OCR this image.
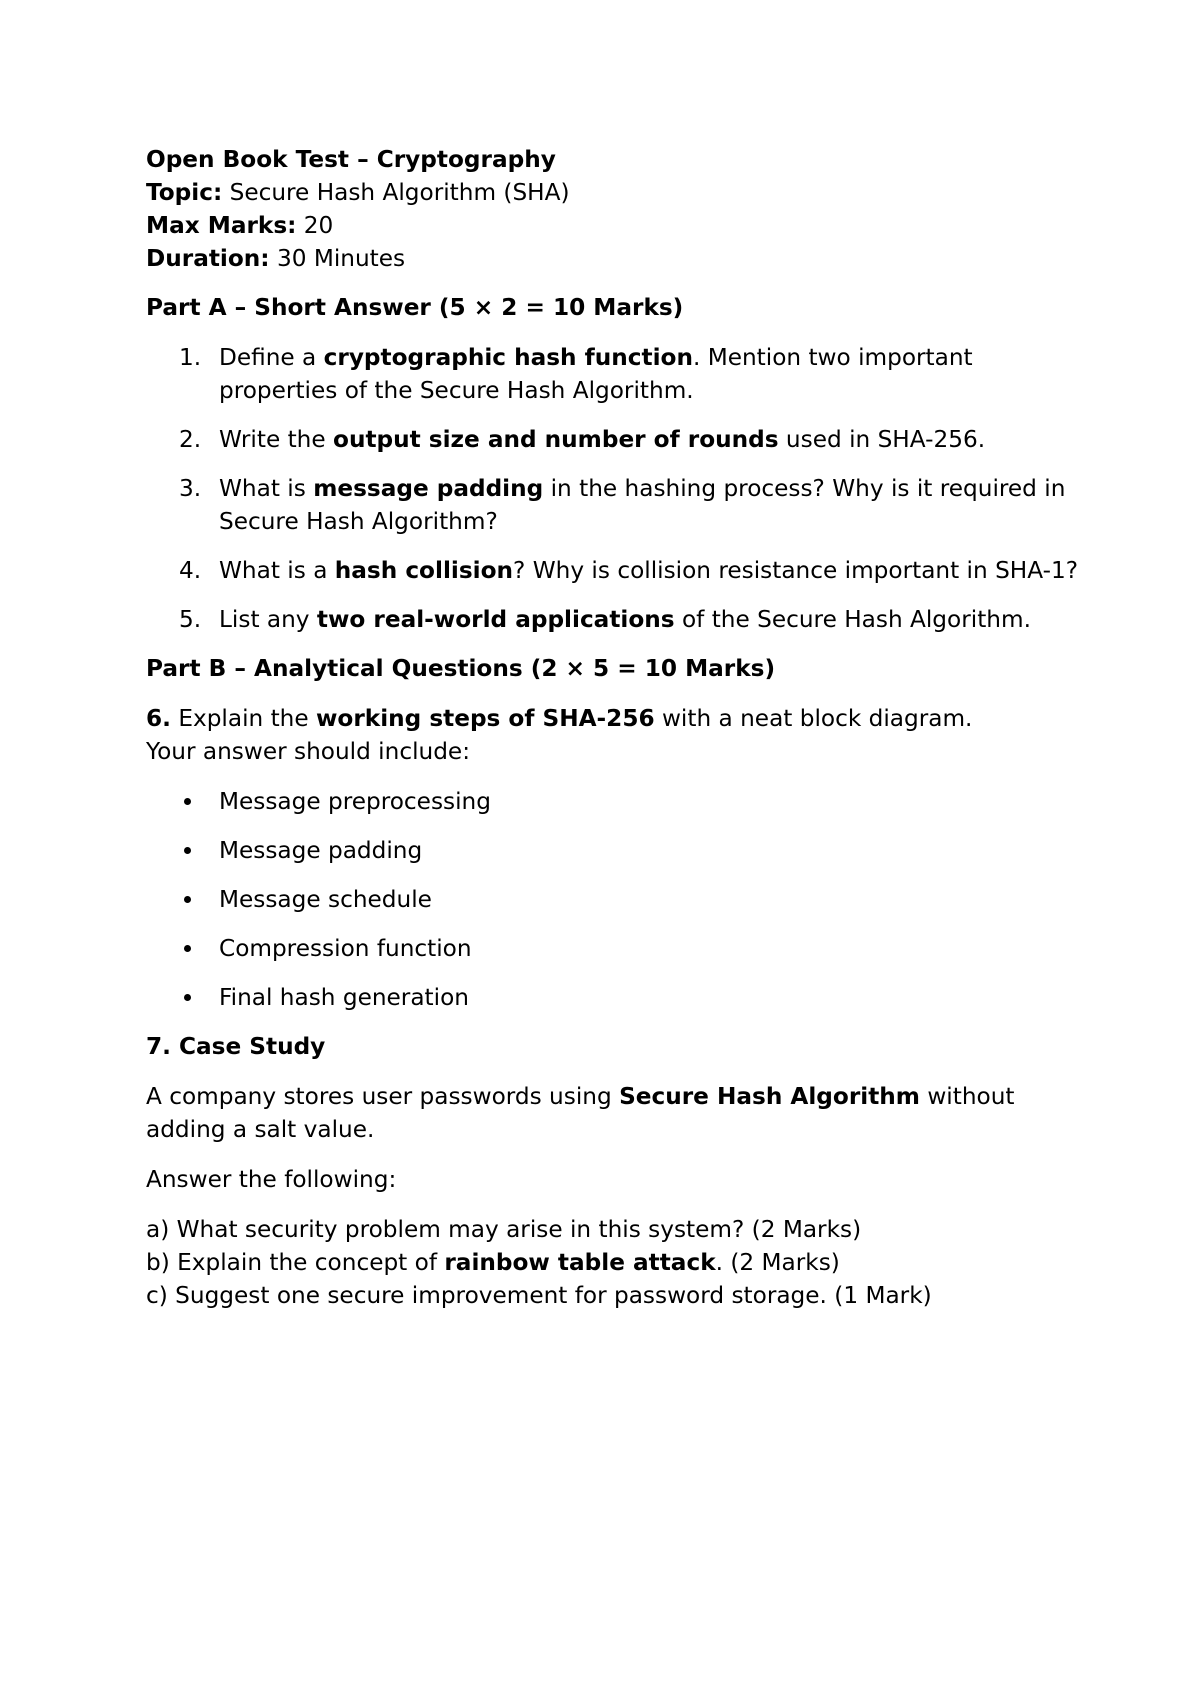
Open Book Test – Cryptography

Topic: Secure Hash Algorithm (SHA)

Max Marks: 20

Duration: 30 Minutes

Part A – Short Answer (5 × 2 = 10 Marks)

1. Define a cryptographic hash function. Mention two important properties of the Secure Hash Algorithm.
2. Write the output size and number of rounds used in SHA-256.
3. What is message padding in the hashing process? Why is it required in Secure Hash Algorithm?
4. What is a hash collision? Why is collision resistance important in SHA-1?
5. List any two real-world applications of the Secure Hash Algorithm.

Part B – Analytical Questions (2 × 5 = 10 Marks)

6. Explain the working steps of SHA-256 with a neat block diagram.

Your answer should include:

Message preprocessing
Message padding
Message schedule
Compression function
Final hash generation

7. Case Study

A company stores user passwords using Secure Hash Algorithm without adding a salt value.

Answer the following:

a) What security problem may arise in this system? (2 Marks)

b) Explain the concept of rainbow table attack. (2 Marks)

c) Suggest one secure improvement for password storage. (1 Mark)
